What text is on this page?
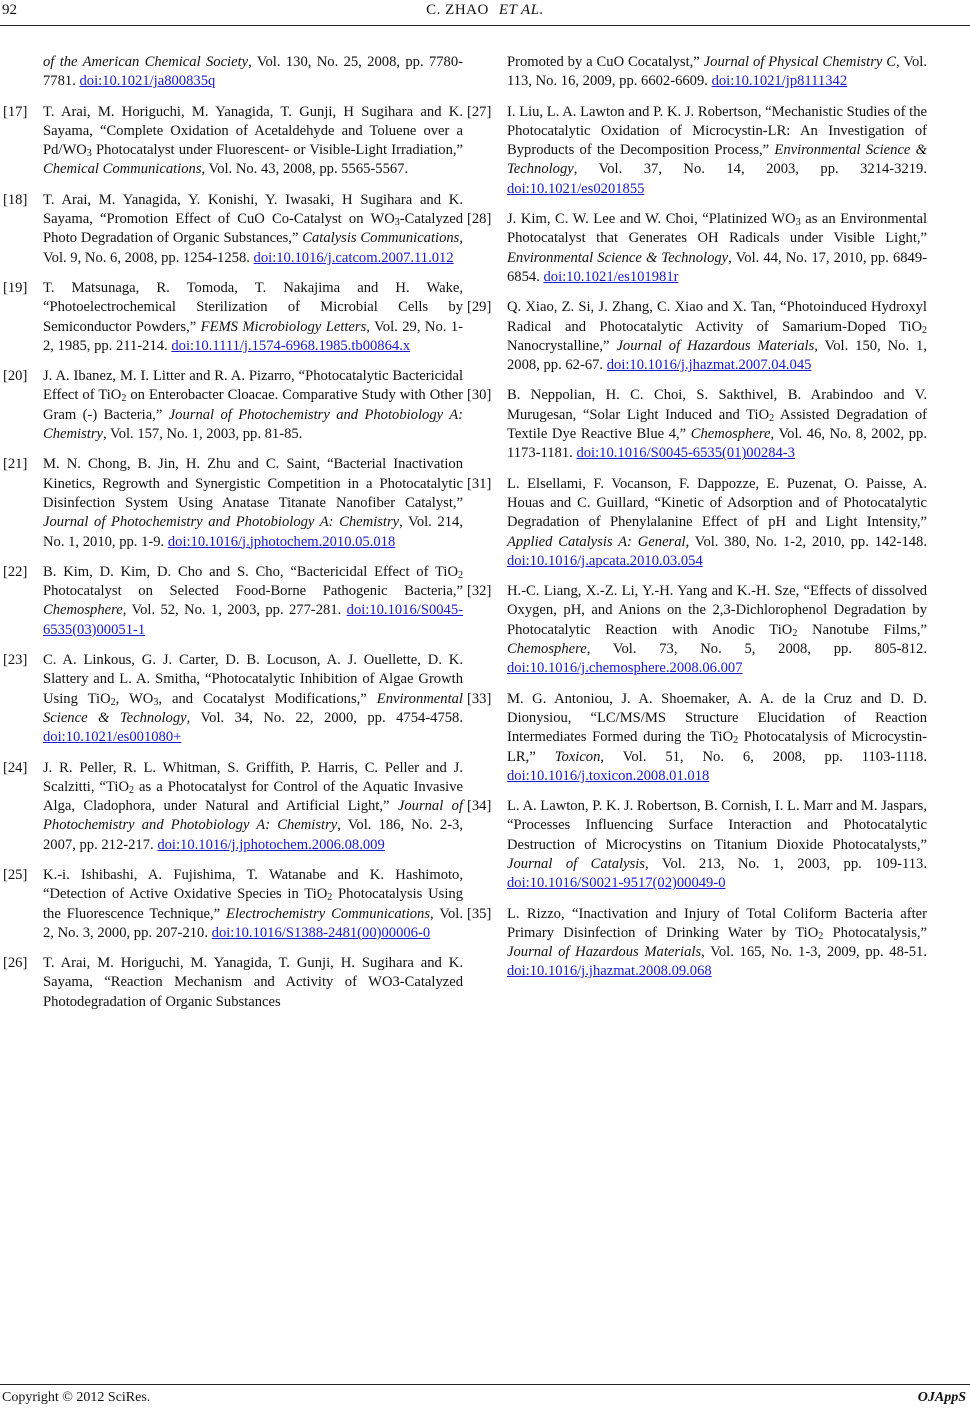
92	C. ZHAO ET AL.

of the American Chemical Society, Vol. 130, No. 25, 2008, pp. 7780-7781. doi:10.1021/ja800835q

[17]	T. Arai, M. Horiguchi, M. Yanagida, T. Gunji, H Sugihara and K. Sayama, “Complete Oxidation of Acetaldehyde and Toluene over a $Pd/WO_3$ Photocatalyst under Fluorescent- or Visible-Light Irradiation,” Chemical Communications, Vol. No. 43, 2008, pp. 5565-5567.

[18]	T. Arai, M. Yanagida, Y. Konishi, Y. Iwasaki, H Sugihara and K. Sayama, “Promotion Effect of CuO Co-Catalyst on $WO_3$-Catalyzed Photo Degradation of Organic Substances,” Catalysis Communications, Vol. 9, No. 6, 2008, pp. 1254-1258. doi:10.1016/j.catcom.2007.11.012

[19]	T. Matsunaga, R. Tomoda, T. Nakajima and H. Wake, “Photoelectrochemical Sterilization of Microbial Cells by Semiconductor Powders,” FEMS Microbiology Letters, Vol. 29, No. 1-2, 1985, pp. 211-214. doi:10.1111/j.1574-6968.1985.tb00864.x

[20]	J. A. Ibanez, M. I. Litter and R. A. Pizarro, “Photocatalytic Bactericidal Effect of TiO$_2$ on Enterobacter Cloacae. Comparative Study with Other Gram (-) Bacteria,” Journal of Photochemistry and Photobiology A: Chemistry, Vol. 157, No. 1, 2003, pp. 81-85.

[21]	M. N. Chong, B. Jin, H. Zhu and C. Saint, “Bacterial Inactivation Kinetics, Regrowth and Synergistic Competition in a Photocatalytic Disinfection System Using Anatase Titanate Nanofiber Catalyst,” Journal of Photochemistry and Photobiology A: Chemistry, Vol. 214, No. 1, 2010, pp. 1-9. doi:10.1016/j.jphotochem.2010.05.018

[22]	B. Kim, D. Kim, D. Cho and S. Cho, “Bactericidal Effect of TiO$_2$ Photocatalyst on Selected Food-Borne Pathogenic Bacteria,” Chemosphere, Vol. 52, No. 1, 2003, pp. 277-281. doi:10.1016/S0045-6535(03)00051-1

[23]	C. A. Linkous, G. J. Carter, D. B. Locuson, A. J. Ouellette, D. K. Slattery and L. A. Smitha, “Photocatalytic Inhibition of Algae Growth Using TiO$_2$, $WO_3$, and Cocatalyst Modifications,” Environmental Science & Technology, Vol. 34, No. 22, 2000, pp. 4754-4758. doi:10.1021/es001080+

[24]	J. R. Peller, R. L. Whitman, S. Griffith, P. Harris, C. Peller and J. Scalzitti, “TiO$_2$ as a Photocatalyst for Control of the Aquatic Invasive Alga, Cladophora, under Natural and Artificial Light,” Journal of Photochemistry and Photobiology A: Chemistry, Vol. 186, No. 2-3, 2007, pp. 212-217. doi:10.1016/j.jphotochem.2006.08.009

[25]	K.-i. Ishibashi, A. Fujishima, T. Watanabe and K. Hashimoto, “Detection of Active Oxidative Species in TiO$_2$ Photocatalysis Using the Fluorescence Technique,” Electrochemistry Communications, Vol. 2, No. 3, 2000, pp. 207-210. doi:10.1016/S1388-2481(00)00006-0

[26]	T. Arai, M. Horiguchi, M. Yanagida, T. Gunji, H. Sugihara and K. Sayama, “Reaction Mechanism and Activity of WO3-Catalyzed Photodegradation of Organic Substances

Promoted by a CuO Cocatalyst,” Journal of Physical Chemistry C, Vol. 113, No. 16, 2009, pp. 6602-6609. doi:10.1021/jp8111342

[27]	I. Liu, L. A. Lawton and P. K. J. Robertson, “Mechanistic Studies of the Photocatalytic Oxidation of Microcystin-LR: An Investigation of Byproducts of the Decomposition Process,” Environmental Science & Technology, Vol. 37, No. 14, 2003, pp. 3214-3219. doi:10.1021/es0201855

[28]	J. Kim, C. W. Lee and W. Choi, “Platinized $WO_3$ as an Environmental Photocatalyst that Generates OH Radicals under Visible Light,” Environmental Science & Technology, Vol. 44, No. 17, 2010, pp. 6849-6854. doi:10.1021/es101981r

[29]	Q. Xiao, Z. Si, J. Zhang, C. Xiao and X. Tan, “Photoinduced Hydroxyl Radical and Photocatalytic Activity of Samarium-Doped TiO$_2$ Nanocrystalline,” Journal of Hazardous Materials, Vol. 150, No. 1, 2008, pp. 62-67. doi:10.1016/j.jhazmat.2007.04.045

[30]	B. Neppolian, H. C. Choi, S. Sakthivel, B. Arabindoo and V. Murugesan, “Solar Light Induced and TiO$_2$ Assisted Degradation of Textile Dye Reactive Blue 4,” Chemosphere, Vol. 46, No. 8, 2002, pp. 1173-1181. doi:10.1016/S0045-6535(01)00284-3

[31]	L. Elsellami, F. Vocanson, F. Dappozze, E. Puzenat, O. Paisse, A. Houas and C. Guillard, “Kinetic of Adsorption and of Photocatalytic Degradation of Phenylalanine Effect of pH and Light Intensity,” Applied Catalysis A: General, Vol. 380, No. 1-2, 2010, pp. 142-148. doi:10.1016/j.apcata.2010.03.054

[32]	H.-C. Liang, X.-Z. Li, Y.-H. Yang and K.-H. Sze, “Effects of dissolved Oxygen, pH, and Anions on the 2,3-Dichlorophenol Degradation by Photocatalytic Reaction with Anodic TiO$_2$ Nanotube Films,” Chemosphere, Vol. 73, No. 5, 2008, pp. 805-812. doi:10.1016/j.chemosphere.2008.06.007

[33]	M. G. Antoniou, J. A. Shoemaker, A. A. de la Cruz and D. D. Dionysiou, “LC/MS/MS Structure Elucidation of Reaction Intermediates Formed during the TiO$_2$ Photocatalysis of Microcystin-LR,” Toxicon, Vol. 51, No. 6, 2008, pp. 1103-1118. doi:10.1016/j.toxicon.2008.01.018

[34]	L. A. Lawton, P. K. J. Robertson, B. Cornish, I. L. Marr and M. Jaspars, “Processes Influencing Surface Interaction and Photocatalytic Destruction of Microcystins on Titanium Dioxide Photocatalysts,” Journal of Catalysis, Vol. 213, No. 1, 2003, pp. 109-113. doi:10.1016/S0021-9517(02)00049-0

[35]	L. Rizzo, “Inactivation and Injury of Total Coliform Bacteria after Primary Disinfection of Drinking Water by TiO$_2$ Photocatalysis,” Journal of Hazardous Materials, Vol. 165, No. 1-3, 2009, pp. 48-51. doi:10.1016/j.jhazmat.2008.09.068

Copyright © 2012 SciRes.	OJAppS
